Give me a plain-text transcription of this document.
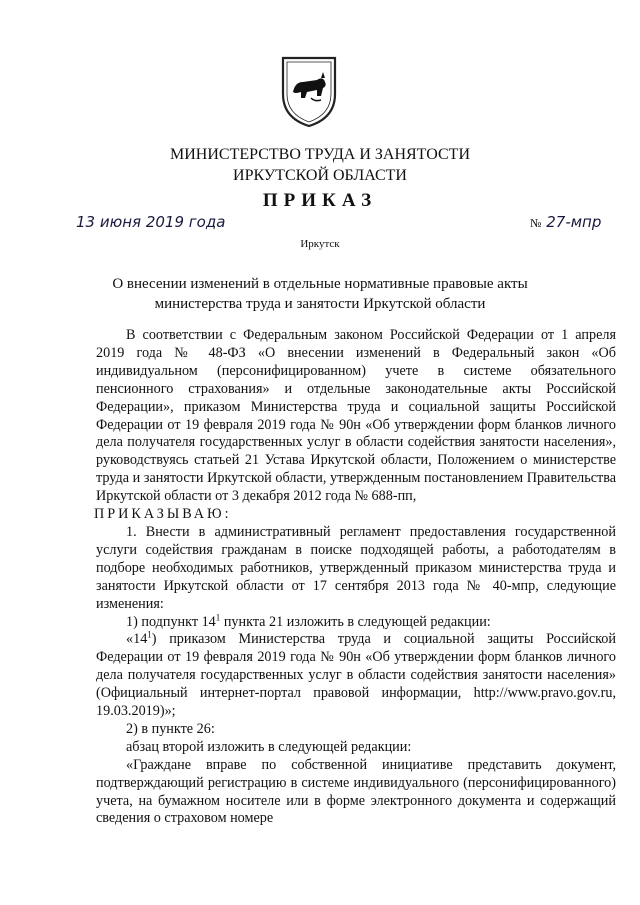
МИНИСТЕРСТВО ТРУДА И ЗАНЯТОСТИ
ИРКУТСКОЙ ОБЛАСТИ
ПРИКАЗ
13 июня 2019 года	№ 27-мпр
Иркутск
О внесении изменений в отдельные нормативные правовые акты
министерства труда и занятости Иркутской области

В соответствии с Федеральным законом Российской Федерации от 1 апреля 2019 года № 48-ФЗ «О внесении изменений в Федеральный закон «Об индивидуальном (персонифицированном) учете в системе обязательного пенсионного страхования» и отдельные законодательные акты Российской Федерации», приказом Министерства труда и социальной защиты Российской Федерации от 19 февраля 2019 года № 90н «Об утверждении форм бланков личного дела получателя государственных услуг в области содействия занятости населения», руководствуясь статьей 21 Устава Иркутской области, Положением о министерстве труда и занятости Иркутской области, утвержденным постановлением Правительства Иркутской области от 3 декабря 2012 года № 688-пп,

ПРИКАЗЫВАЮ:

1. Внести в административный регламент предоставления государственной услуги содействия гражданам в поиске подходящей работы, а работодателям в подборе необходимых работников, утвержденный приказом министерства труда и занятости Иркутской области от 17 сентября 2013 года № 40-мпр, следующие изменения:

1) подпункт $14^1$ пункта 21 изложить в следующей редакции:

«$14^1$) приказом Министерства труда и социальной защиты Российской Федерации от 19 февраля 2019 года № 90н «Об утверждении форм бланков личного дела получателя государственных услуг в области содействия занятости населения» (Официальный интернет-портал правовой информации, http://www.pravo.gov.ru, 19.03.2019)»;

2) в пункте 26:

абзац второй изложить в следующей редакции:

«Граждане вправе по собственной инициативе представить документ, подтверждающий регистрацию в системе индивидуального (персонифицированного) учета, на бумажном носителе или в форме электронного документа и содержащий сведения о страховом номере
